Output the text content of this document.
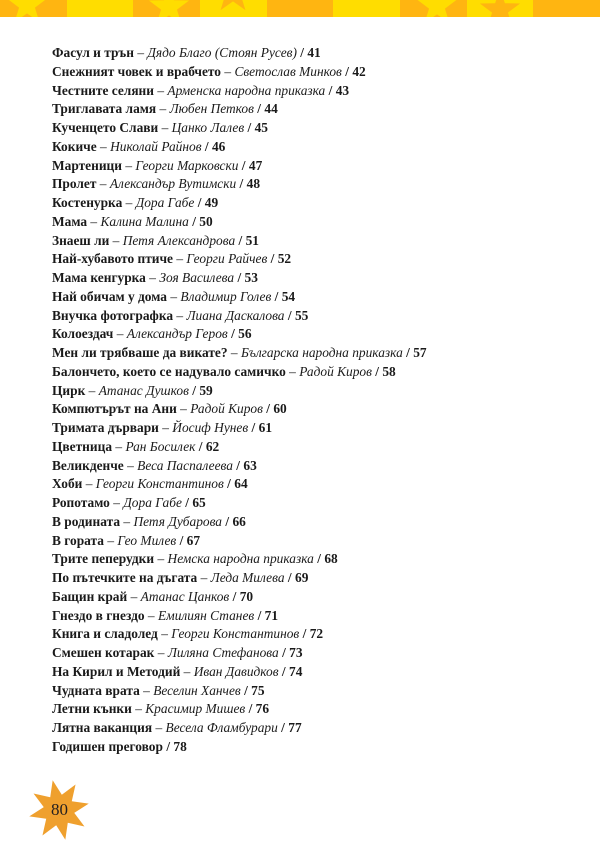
Фасул и трън – Дядо Благо (Стоян Русев) / 41
Снежният човек и врабчето – Светослав Минков / 42
Честните селяни – Арменска народна приказка / 43
Триглавата ламя – Любен Петков / 44
Кученцето Слави – Цанко Лалев / 45
Кокиче – Николай Райнов / 46
Мартеници – Георги Марковски / 47
Пролет – Александър Вутимски / 48
Костенурка – Дора Габе / 49
Мама – Калина Малина / 50
Знаеш ли – Петя Александрова / 51
Най-хубавото птиче – Георги Райчев / 52
Мама кенгурка – Зоя Василева / 53
Най обичам у дома – Владимир Голев / 54
Внучка фотографка – Лиана Даскалова / 55
Колоездач – Александър Геров / 56
Мен ли трябваше да викате? – Българска народна приказка / 57
Балончето, което се надувало самичко – Радой Киров / 58
Цирк – Атанас Душков / 59
Компютърът на Ани – Радой Киров / 60
Тримата дървари – Йосиф Нунев / 61
Цветница – Ран Босилек / 62
Великденче – Веса Паспалеева / 63
Хоби – Георги Константинов / 64
Ропотамо – Дора Габе / 65
В родината – Петя Дубарова / 66
В гората – Гео Милев / 67
Трите пеперудки – Немска народна приказка / 68
По пътечките на дъгата – Леда Милева / 69
Бащин край – Атанас Цанков / 70
Гнездо в гнездо – Емилиян Станев / 71
Книга и сладолед – Георги Константинов / 72
Смешен котарак – Лиляна Стефанова / 73
На Кирил и Методий – Иван Давидков / 74
Чудната врата – Веселин Ханчев / 75
Летни кънки – Красимир Мишев / 76
Лятна ваканция – Весела Фламбурари / 77
Годишен преговор / 78
80
